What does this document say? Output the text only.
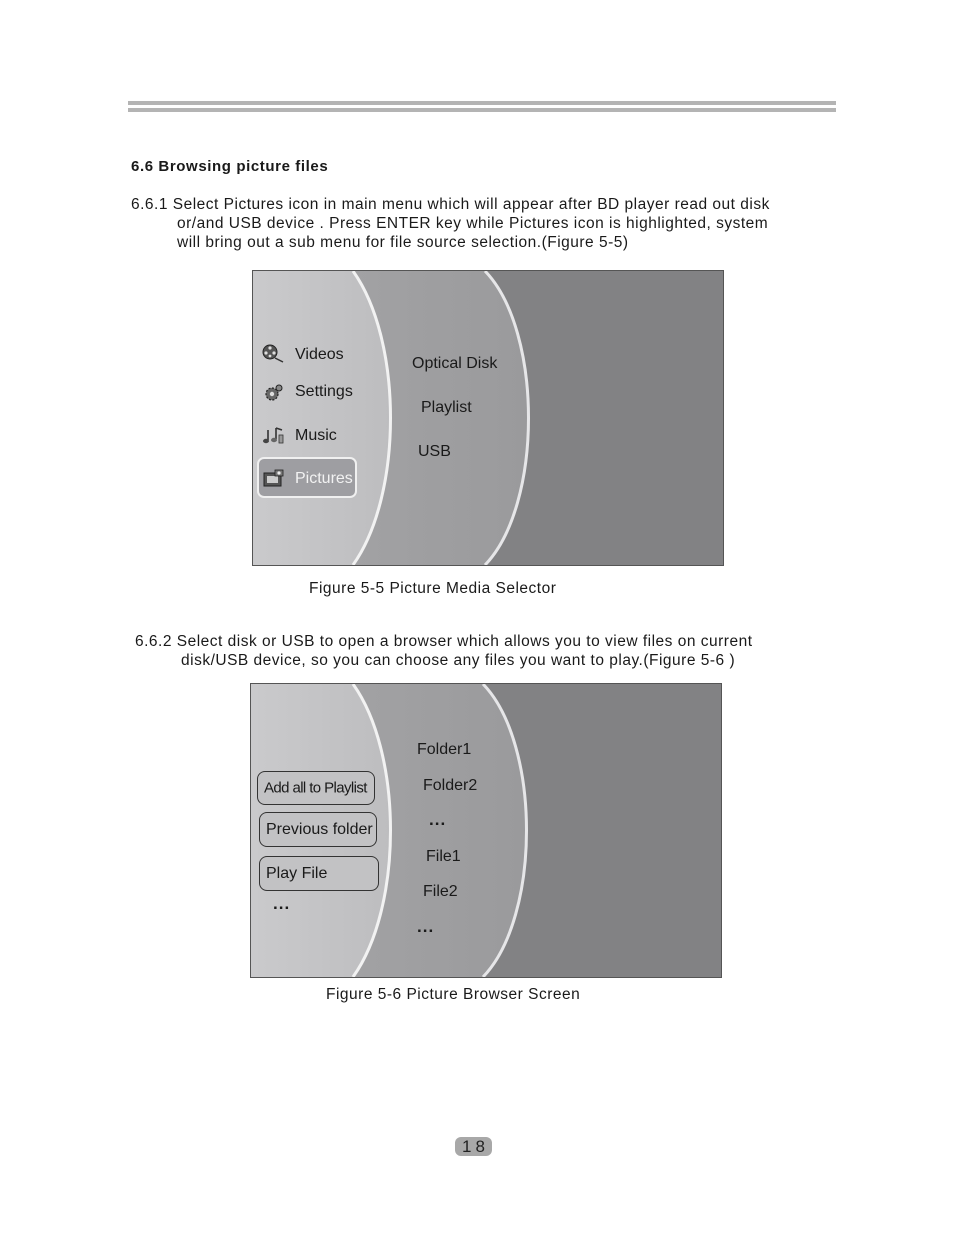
6.6 Browsing picture files
6.6.1 Select Pictures icon in main menu which will appear after BD player read out disk
or/and USB device . Press ENTER key while Pictures icon is highlighted, system
will bring out a sub menu for file source selection.(Figure 5-5)
Videos
Settings
Music
Pictures
Optical Disk
Playlist
USB
Figure 5-5 Picture Media Selector
6.6.2 Select disk or USB to open a browser which allows you to view files on current
disk/USB device, so you can choose any files you want to play.(Figure 5-6 )
Add all to Playlist
Previous folder
Play File
...
Folder1
Folder2
...
File1
File2
...
Figure 5-6 Picture Browser Screen
18
